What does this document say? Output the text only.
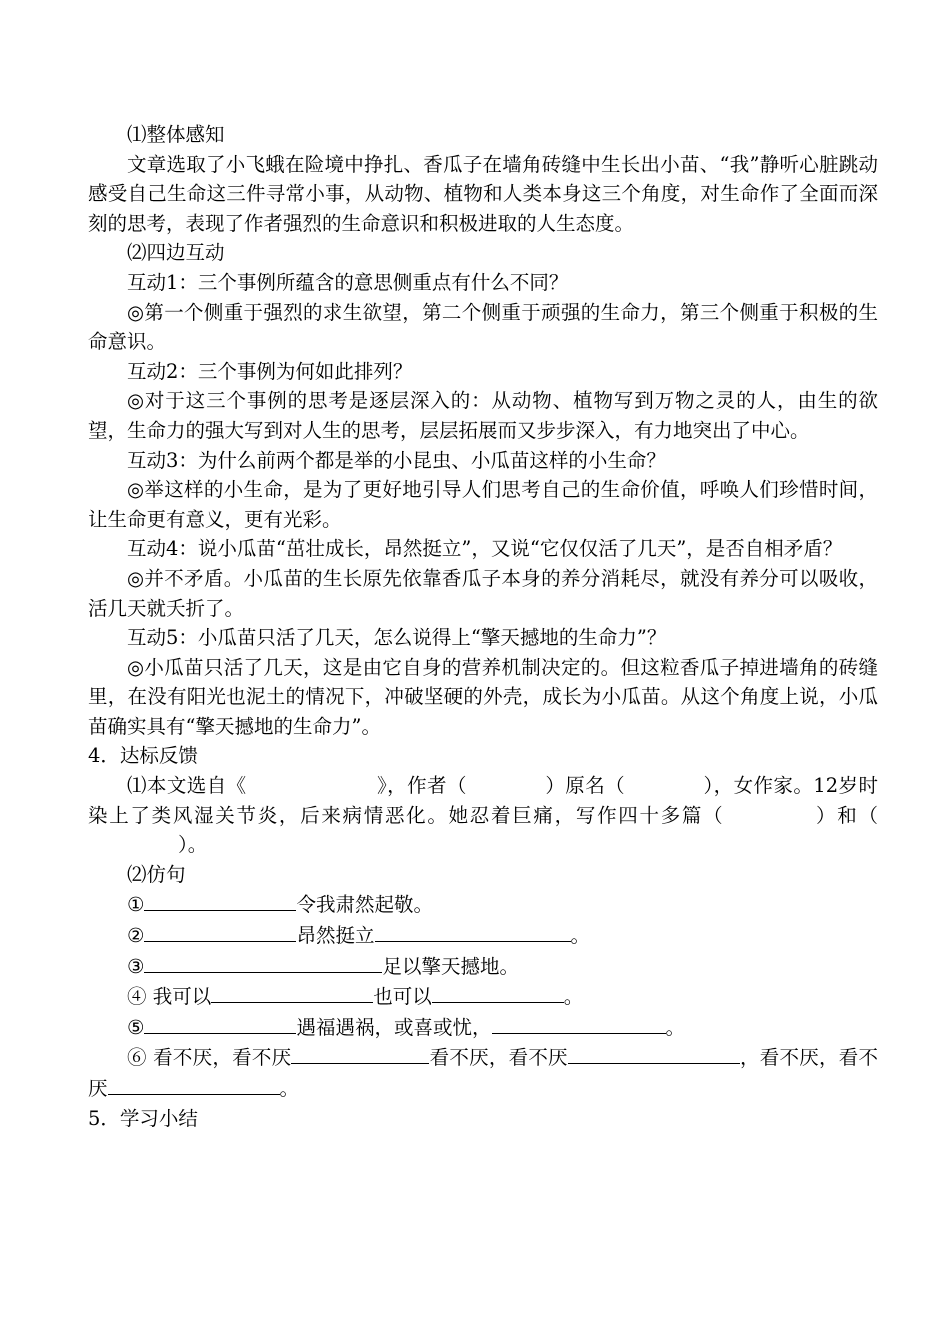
⑴整体感知

文章选取了小飞蛾在险境中挣扎、香瓜子在墙角砖缝中生长出小苗、“我”静听心脏跳动感受自己生命这三件寻常小事，从动物、植物和人类本身这三个角度，对生命作了全面而深刻的思考，表现了作者强烈的生命意识和积极进取的人生态度。

⑵四边互动

互动1：三个事例所蕴含的意思侧重点有什么不同？

◎第一个侧重于强烈的求生欲望，第二个侧重于顽强的生命力，第三个侧重于积极的生命意识。

互动2：三个事例为何如此排列？

◎对于这三个事例的思考是逐层深入的：从动物、植物写到万物之灵的人，由生的欲望，生命力的强大写到对人生的思考，层层拓展而又步步深入，有力地突出了中心。

互动3：为什么前两个都是举的小昆虫、小瓜苗这样的小生命？

◎举这样的小生命，是为了更好地引导人们思考自己的生命价值，呼唤人们珍惜时间，让生命更有意义，更有光彩。

互动4：说小瓜苗“茁壮成长，昂然挺立”，又说“它仅仅活了几天”，是否自相矛盾？

◎并不矛盾。小瓜苗的生长原先依靠香瓜子本身的养分消耗尽，就没有养分可以吸收，活几天就夭折了。

互动5：小瓜苗只活了几天，怎么说得上“擎天撼地的生命力”？

◎小瓜苗只活了几天，这是由它自身的营养机制决定的。但这粒香瓜子掉进墙角的砖缝里，在没有阳光也泥土的情况下，冲破坚硬的外壳，成长为小瓜苗。从这个角度上说，小瓜苗确实具有“擎天撼地的生命力”。

4．达标反馈

⑴本文选自《	》，作者（	）原名（	），女作家。12岁时染上了类风湿关节炎，后来病情恶化。她忍着巨痛，写作四十多篇（	）和（）。

⑵仿句

①	令我肃然起敬。

②	昂然挺立	。

③	足以擎天撼地。

④ 我可以	也可以	。

⑤	遇福遇祸，或喜或忧，	。

⑥ 看不厌，看不厌	看不厌，看不厌	，看不厌，看不厌	。

5．学习小结
